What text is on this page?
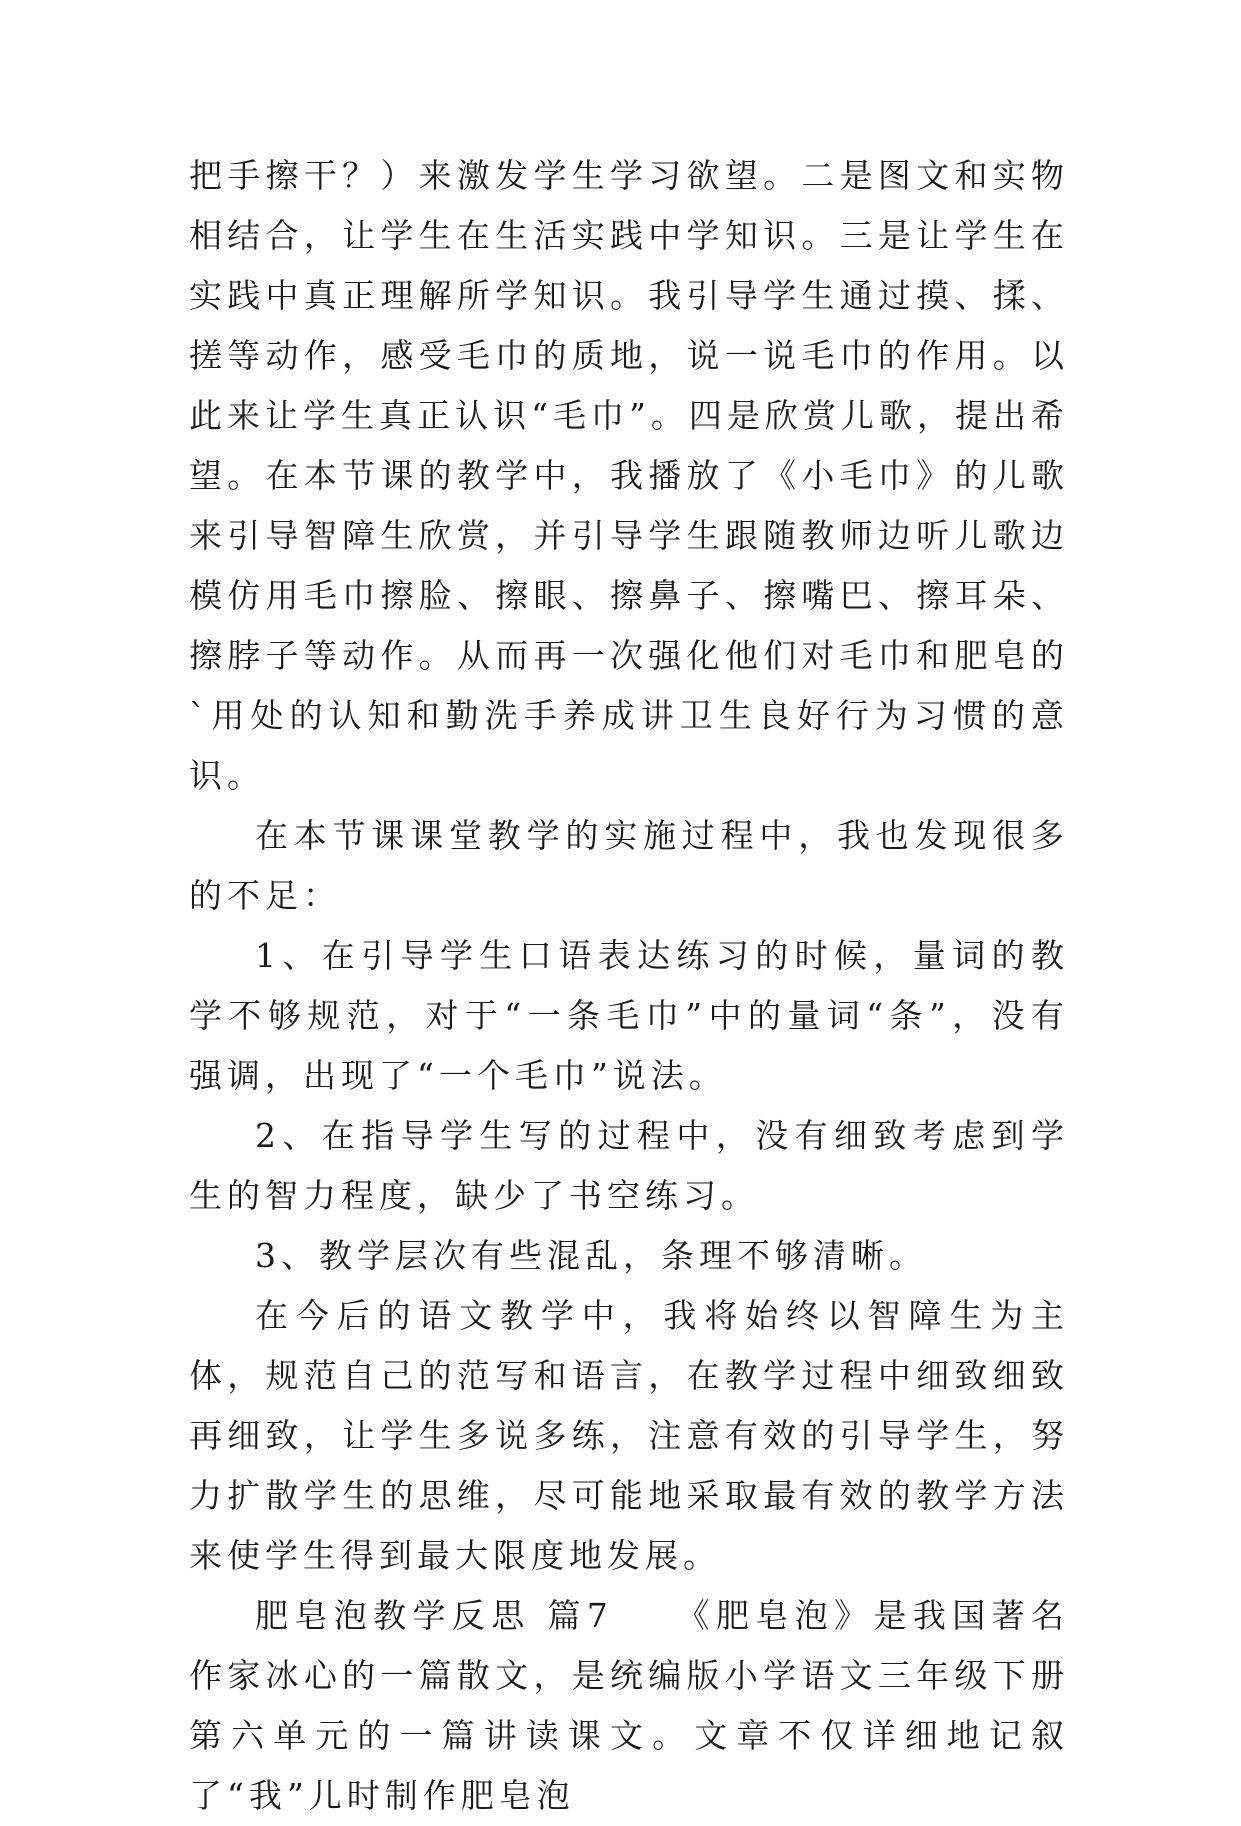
把手擦干？）来激发学生学习欲望。二是图文和实物相结合，让学生在生活实践中学知识。三是让学生在实践中真正理解所学知识。我引导学生通过摸、揉、搓等动作，感受毛巾的质地，说一说毛巾的作用。以此来让学生真正认识“毛巾”。四是欣赏儿歌，提出希望。在本节课的教学中，我播放了《小毛巾》的儿歌来引导智障生欣赏，并引导学生跟随教师边听儿歌边模仿用毛巾擦脸、擦眼、擦鼻子、擦嘴巴、擦耳朵、擦脖子等动作。从而再一次强化他们对毛巾和肥皂的`用处的认知和勤洗手养成讲卫生良好行为习惯的意识。

在本节课课堂教学的实施过程中，我也发现很多的不足：

1、在引导学生口语表达练习的时候，量词的教学不够规范，对于“一条毛巾”中的量词“条”，没有强调，出现了“一个毛巾”说法。

2、在指导学生写的过程中，没有细致考虑到学生的智力程度，缺少了书空练习。

3、教学层次有些混乱，条理不够清晰。

在今后的语文教学中，我将始终以智障生为主体，规范自己的范写和语言，在教学过程中细致细致再细致，让学生多说多练，注意有效的引导学生，努力扩散学生的思维，尽可能地采取最有效的教学方法来使学生得到最大限度地发展。

肥皂泡教学反思 篇7　　《肥皂泡》是我国著名作家冰心的一篇散文，是统编版小学语文三年级下册第六单元的一篇讲读课文。文章不仅详细地记叙了“我”儿时制作肥皂泡
